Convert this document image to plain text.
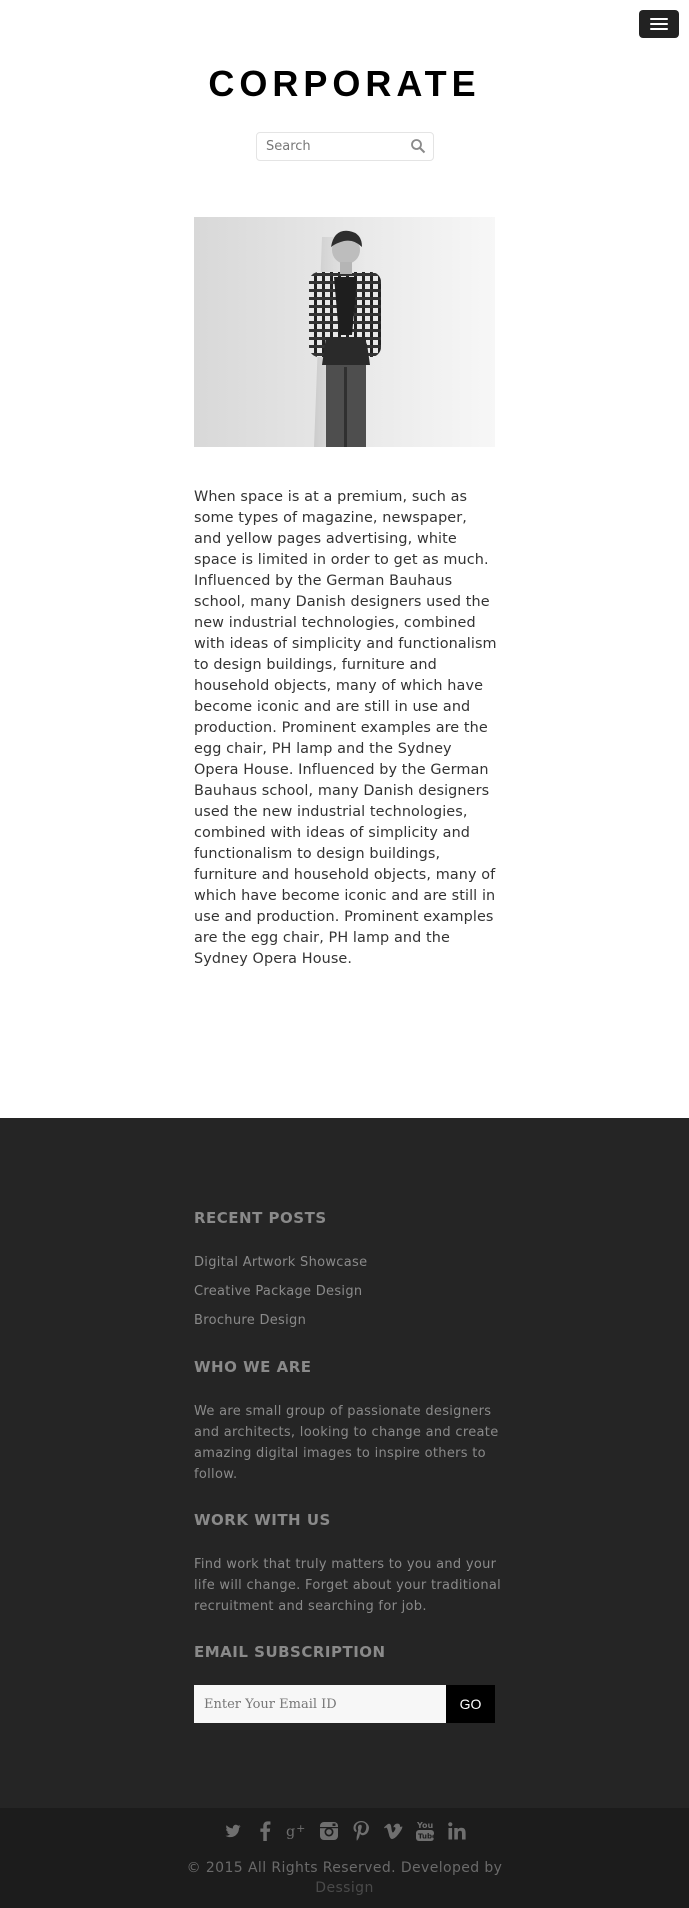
CORPORATE
Search

When space is at a premium, such as some types of magazine, newspaper, and yellow pages advertising, white space is limited in order to get as much. Influenced by the German Bauhaus school, many Danish designers used the new industrial technologies, combined with ideas of simplicity and functionalism to design buildings, furniture and household objects, many of which have become iconic and are still in use and production. Prominent examples are the egg chair, PH lamp and the Sydney Opera House. Influenced by the German Bauhaus school, many Danish designers used the new industrial technologies, combined with ideas of simplicity and functionalism to design buildings, furniture and household objects, many of which have become iconic and are still in use and production. Prominent examples are the egg chair, PH lamp and the Sydney Opera House.

RECENT POSTS
Digital Artwork Showcase
Creative Package Design
Brochure Design
WHO WE ARE

We are small group of passionate designers and architects, looking to change and create amazing digital images to inspire others to follow.

WORK WITH US

Find work that truly matters to you and your life will change. Forget about your traditional recruitment and searching for job.

EMAIL SUBSCRIPTION
Enter Your Email ID
GO
g +	You
Tube
© 2015 All Rights Reserved. Developed by
Dessign
